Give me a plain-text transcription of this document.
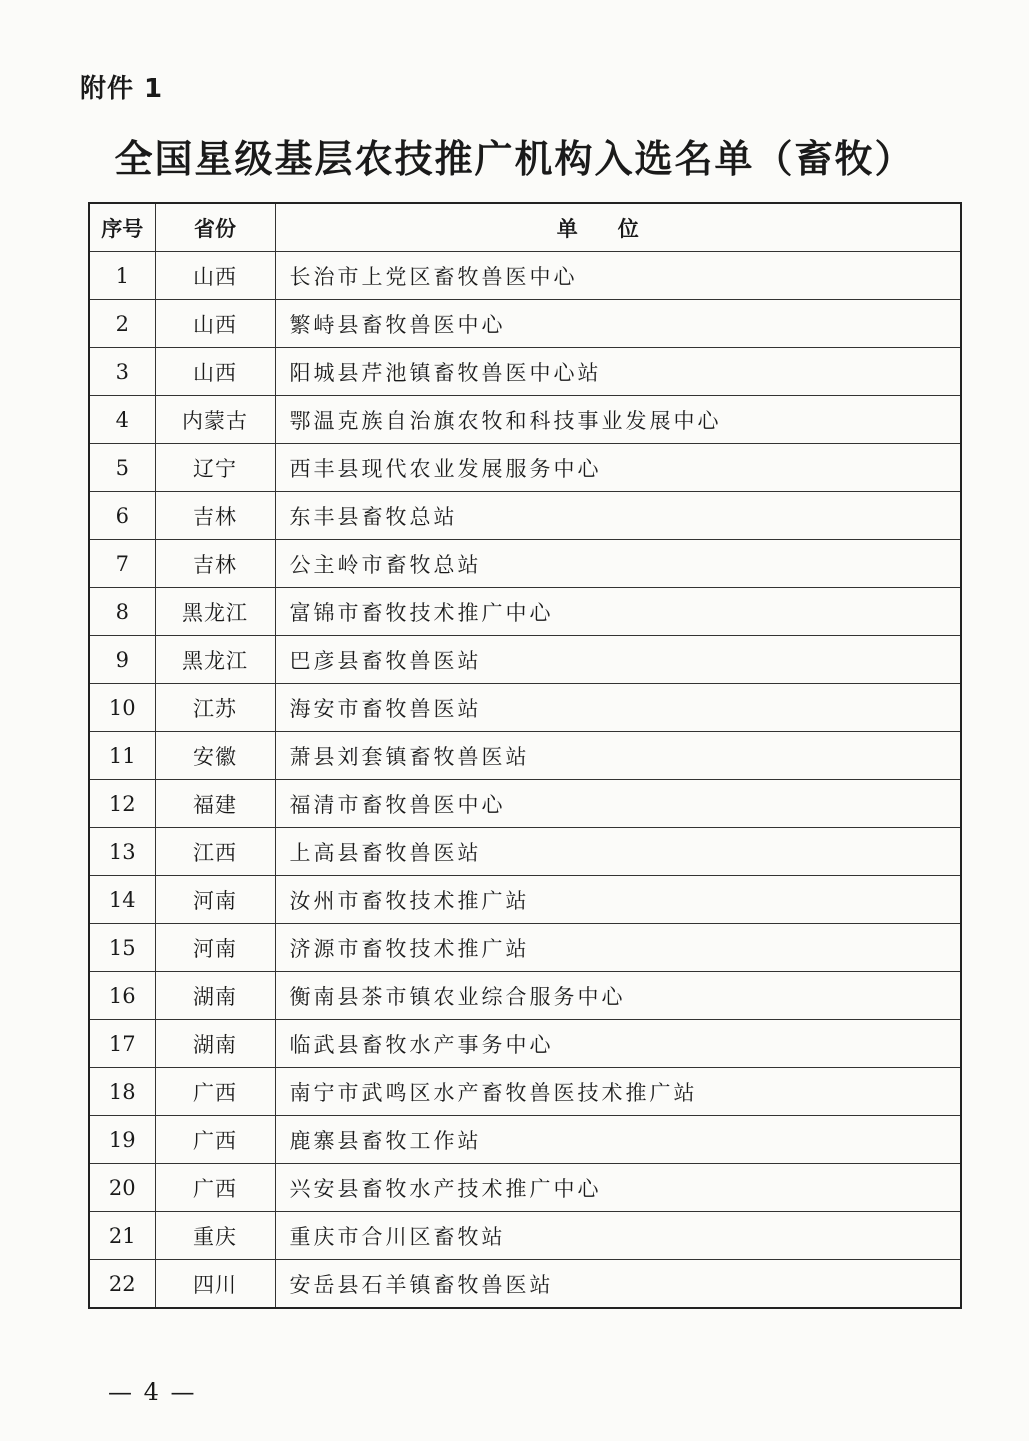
附件 1
全国星级基层农技推广机构入选名单（畜牧）
序号	省份	单位
1	山西	长治市上党区畜牧兽医中心
2	山西	繁峙县畜牧兽医中心
3	山西	阳城县芹池镇畜牧兽医中心站
4	内蒙古	鄂温克族自治旗农牧和科技事业发展中心
5	辽宁	西丰县现代农业发展服务中心
6	吉林	东丰县畜牧总站
7	吉林	公主岭市畜牧总站
8	黑龙江	富锦市畜牧技术推广中心
9	黑龙江	巴彦县畜牧兽医站
10	江苏	海安市畜牧兽医站
11	安徽	萧县刘套镇畜牧兽医站
12	福建	福清市畜牧兽医中心
13	江西	上高县畜牧兽医站
14	河南	汝州市畜牧技术推广站
15	河南	济源市畜牧技术推广站
16	湖南	衡南县茶市镇农业综合服务中心
17	湖南	临武县畜牧水产事务中心
18	广西	南宁市武鸣区水产畜牧兽医技术推广站
19	广西	鹿寨县畜牧工作站
20	广西	兴安县畜牧水产技术推广中心
21	重庆	重庆市合川区畜牧站
22	四川	安岳县石羊镇畜牧兽医站
— 4 —
